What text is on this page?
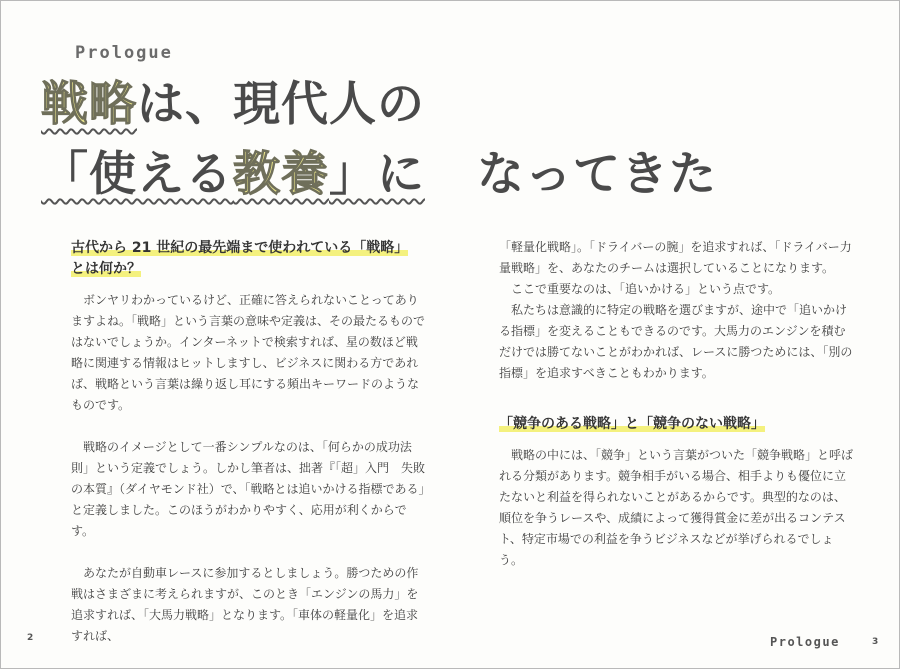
Prologue
戦略は、現代人の
「使える教養」に なってきた
古代から 21 世紀の最先端まで使われている「戦略」
とは何か？

ボンヤリわかっているけど、正確に答えられないことってありますよね。「戦略」という言葉の意味や定義は、その最たるものではないでしょうか。インターネットで検索すれば、星の数ほど戦略に関連する情報はヒットしますし、ビジネスに関わる方であれば、戦略という言葉は繰り返し耳にする頻出キーワードのようなものです。

戦略のイメージとして一番シンプルなのは、「何らかの成功法則」という定義でしょう。しかし筆者は、拙著『「超」入門　失敗の本質』（ダイヤモンド社）で、「戦略とは追いかける指標である」と定義しました。このほうがわかりやすく、応用が利くからです。

あなたが自動車レースに参加するとしましょう。勝つための作戦はさまざまに考えられますが、このとき「エンジンの馬力」を追求すれば、「大馬力戦略」となります。「車体の軽量化」を追求すれば、

「軽量化戦略」。「ドライバーの腕」を追求すれば、「ドライバー力量戦略」を、あなたのチームは選択していることになります。

ここで重要なのは、「追いかける」という点です。

私たちは意識的に特定の戦略を選びますが、途中で「追いかける指標」を変えることもできるのです。大馬力のエンジンを積むだけでは勝てないことがわかれば、レースに勝つためには、「別の指標」を追求すべきこともわかります。

「競争のある戦略」と「競争のない戦略」

戦略の中には、「競争」という言葉がついた「競争戦略」と呼ばれる分類があります。競争相手がいる場合、相手よりも優位に立たないと利益を得られないことがあるからです。典型的なのは、順位を争うレースや、成績によって獲得賞金に差が出るコンテスト、特定市場での利益を争うビジネスなどが挙げられるでしょう。

2	Prologue	3
